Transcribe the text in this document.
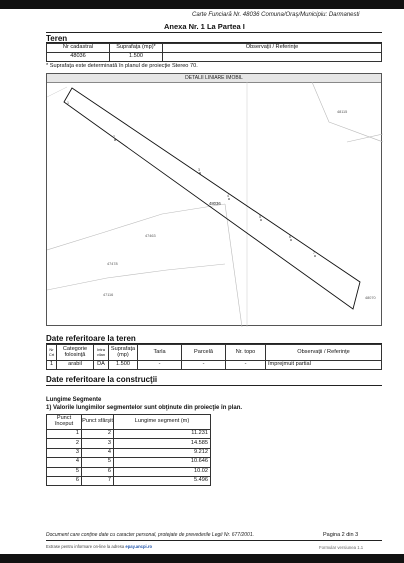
Carte Funciară Nr. 48036 Comuna/Oraş/Municipiu: Darmanesti
Anexa Nr. 1 La Partea I
Teren
Nr cadastral	Suprafaţa (mp)*	Observaţii / Referinţe
48036	1.500	
* Suprafaţa este determinată în planul de proiecţie Stereo 70.
DETALII LINIARE IMOBIL
1
2
3
4
5
6
7
48036
48115
47463
47478
47116
48070
Date referitoare la teren
Nr Crt	Categorie folosinţă	Intra vilan	Suprafaţa (mp)	Tarla	Parcelă	Nr. topo	Observaţii / Referinţe
1	arabil	DA	1.500	-	-	-	împrejmuit partial
Date referitoare la construcţii
Lungime Segmente
1) Valorile lungimilor segmentelor sunt obţinute din proiecţie în plan.
Punct început	Punct sfârşit	Lungime segment (m)
1	2	11.231
2	3	14.585
3	4	9.212
4	5	10.646
5	6	10.02
6	7	5.496
Document care conţine date cu caracter personal, protejate de prevederile Legii Nr. 677/2001.	Pagina 2 din 3
Extrase pentru informare on-line la adresa epay.ancpi.ro	Formular versiunea 1.1
